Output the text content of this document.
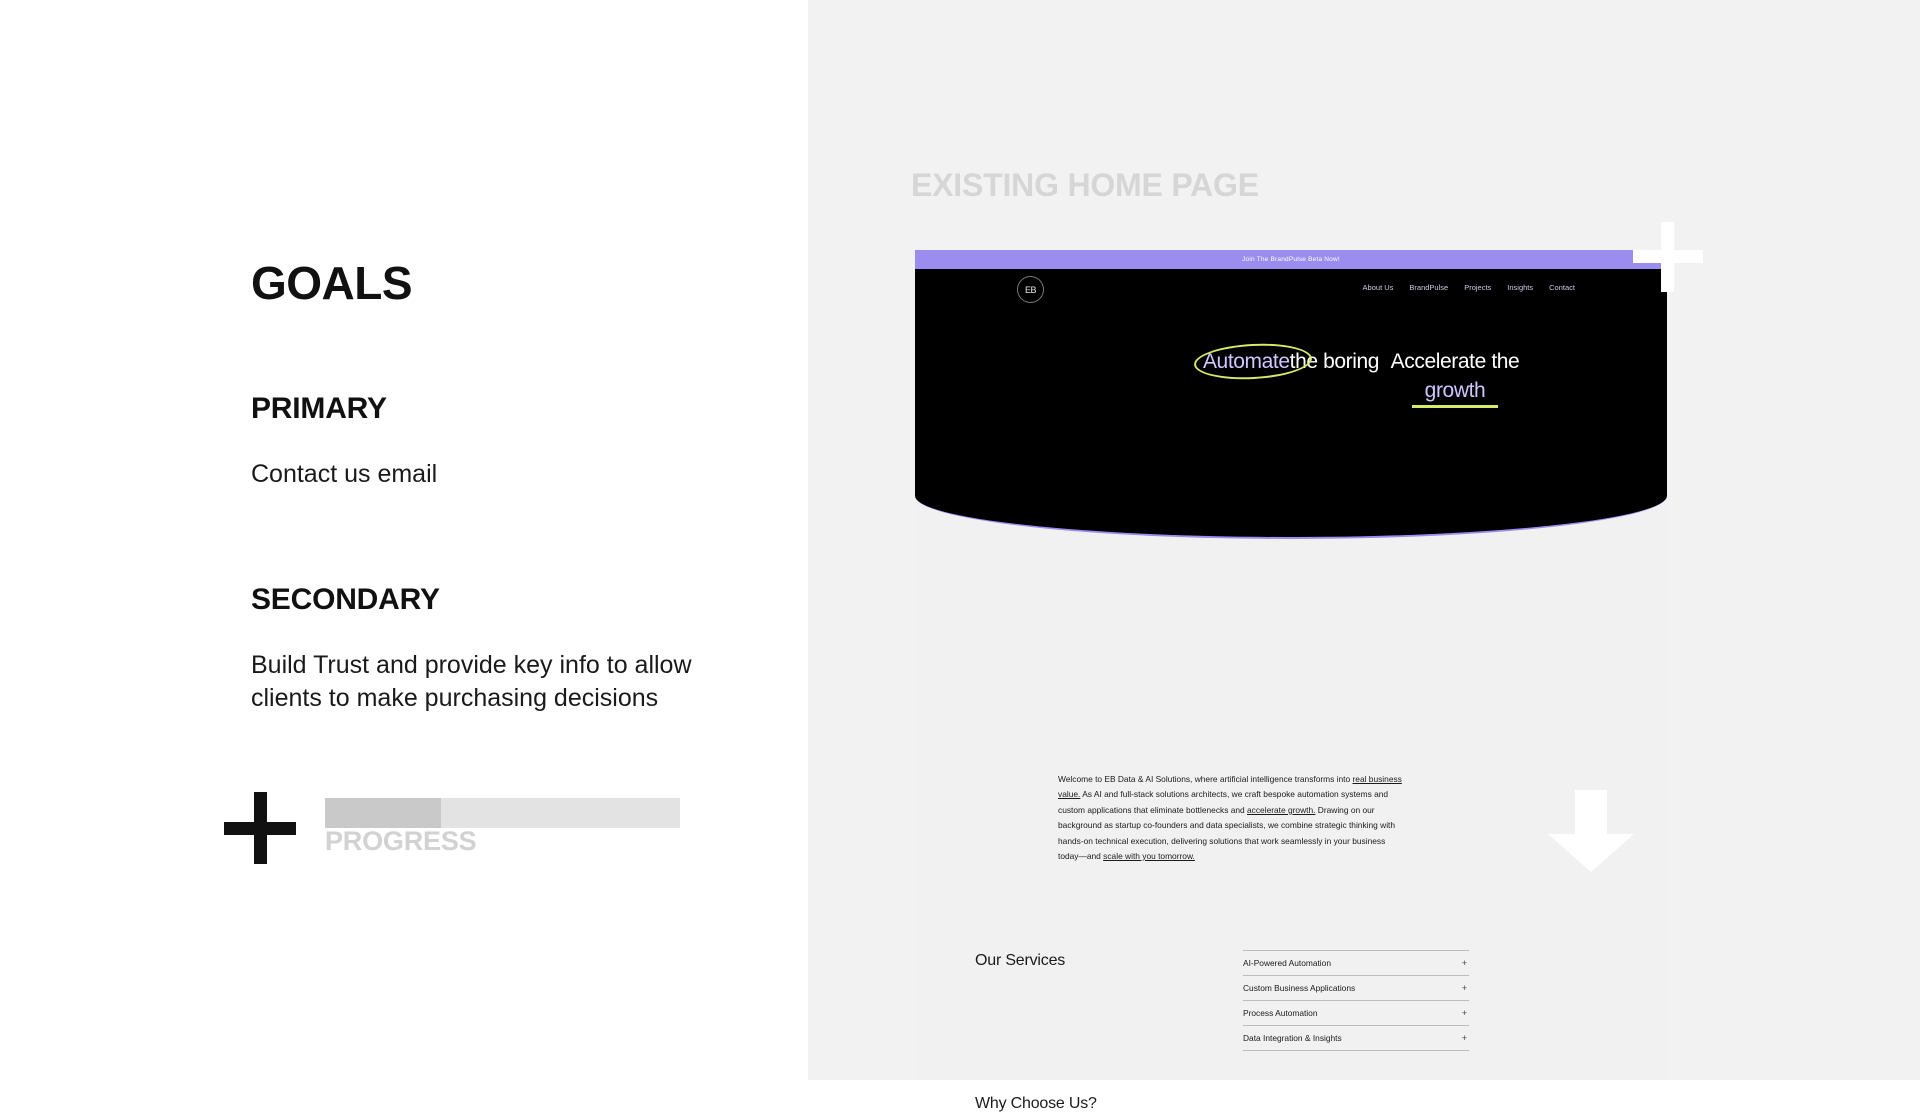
GOALS
PRIMARY
Contact us email
SECONDARY
Build Trust and provide key info to allow clients to make purchasing decisions
PROGRESS
EXISTING HOME PAGE
Join The BrandPulse Beta Now!
EB	About Us BrandPulse Projects Insights Contact
Automatethe boring Accelerate the
growth
Welcome to EB Data & AI Solutions, where artificial intelligence transforms into real business value. As AI and full-stack solutions architects, we craft bespoke automation systems and custom applications that eliminate bottlenecks and accelerate growth. Drawing on our background as startup co-founders and data specialists, we combine strategic thinking with hands-on technical execution, delivering solutions that work seamlessly in your business today—and scale with you tomorrow.
Our Services	AI-Powered Automation	+
Custom Business Applications	+
Process Automation	+
Data Integration & Insights	+
Why Choose Us?
